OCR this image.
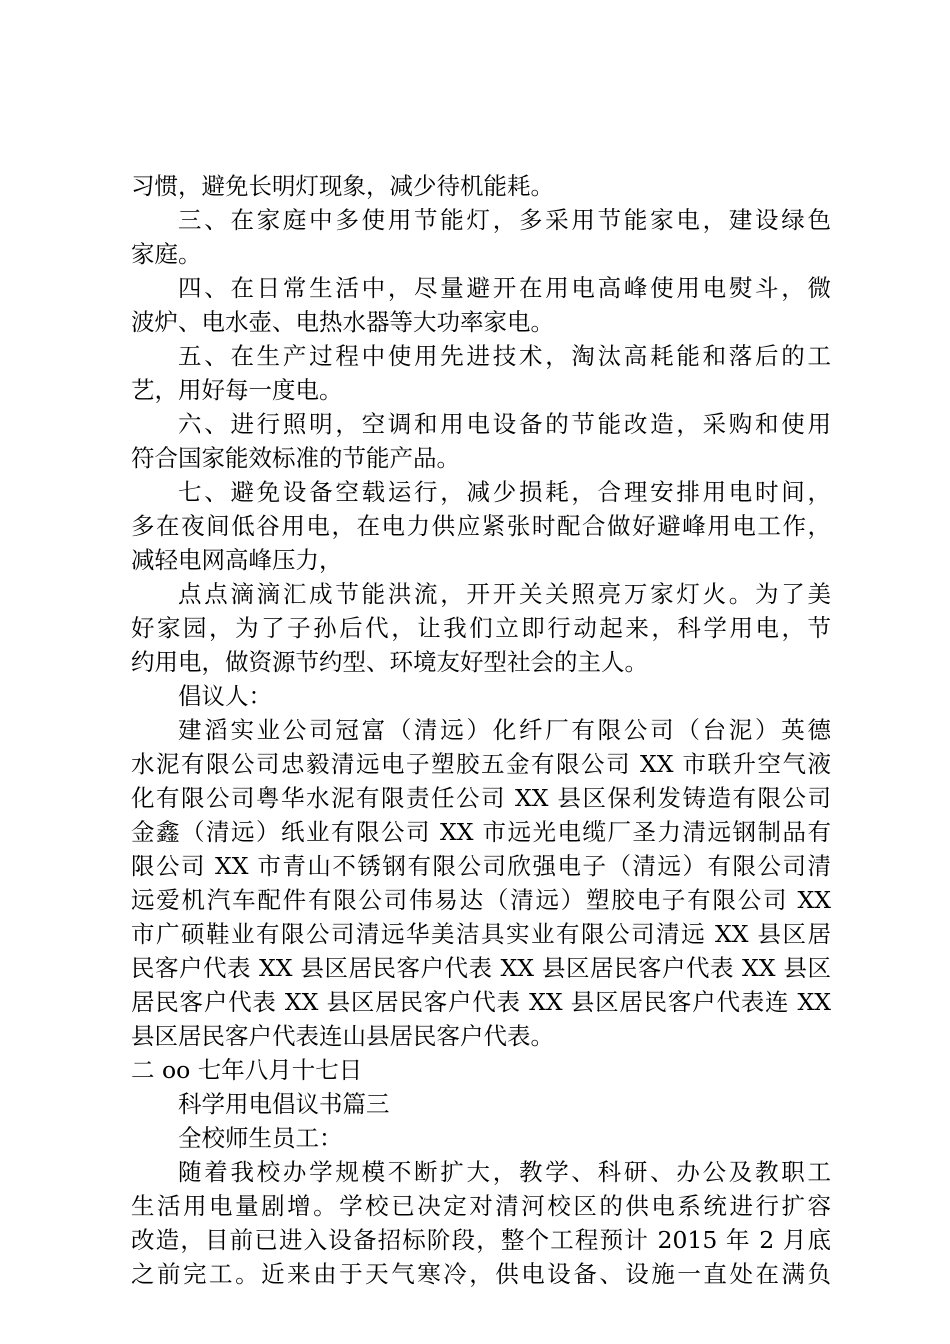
习惯，避免长明灯现象，减少待机能耗。
三、在家庭中多使用节能灯，多采用节能家电，建设绿色
家庭。
四、在日常生活中，尽量避开在用电高峰使用电熨斗，微
波炉、电水壶、电热水器等大功率家电。
五、在生产过程中使用先进技术，淘汰高耗能和落后的工
艺，用好每一度电。
六、进行照明，空调和用电设备的节能改造，采购和使用
符合国家能效标准的节能产品。
七、避免设备空载运行，减少损耗，合理安排用电时间，
多在夜间低谷用电，在电力供应紧张时配合做好避峰用电工作，
减轻电网高峰压力，
点点滴滴汇成节能洪流，开开关关照亮万家灯火。为了美
好家园，为了子孙后代，让我们立即行动起来，科学用电，节
约用电，做资源节约型、环境友好型社会的主人。
倡议人：
建滔实业公司冠富（清远）化纤厂有限公司（台泥）英德
水泥有限公司忠毅清远电子塑胶五金有限公司 XX 市联升空气液
化有限公司粤华水泥有限责任公司 XX 县区保利发铸造有限公司
金鑫（清远）纸业有限公司 XX 市远光电缆厂圣力清远钢制品有
限公司 XX 市青山不锈钢有限公司欣强电子（清远）有限公司清
远爱机汽车配件有限公司伟易达（清远）塑胶电子有限公司 XX
市广硕鞋业有限公司清远华美洁具实业有限公司清远 XX 县区居
民客户代表 XX 县区居民客户代表 XX 县区居民客户代表 XX 县区
居民客户代表 XX 县区居民客户代表 XX 县区居民客户代表连 XX
县区居民客户代表连山县居民客户代表。
二 oo 七年八月十七日
科学用电倡议书篇三
全校师生员工：
随着我校办学规模不断扩大，教学、科研、办公及教职工
生活用电量剧增。学校已决定对清河校区的供电系统进行扩容
改造，目前已进入设备招标阶段，整个工程预计 2015 年 2 月底
之前完工。近来由于天气寒冷，供电设备、设施一直处在满负
